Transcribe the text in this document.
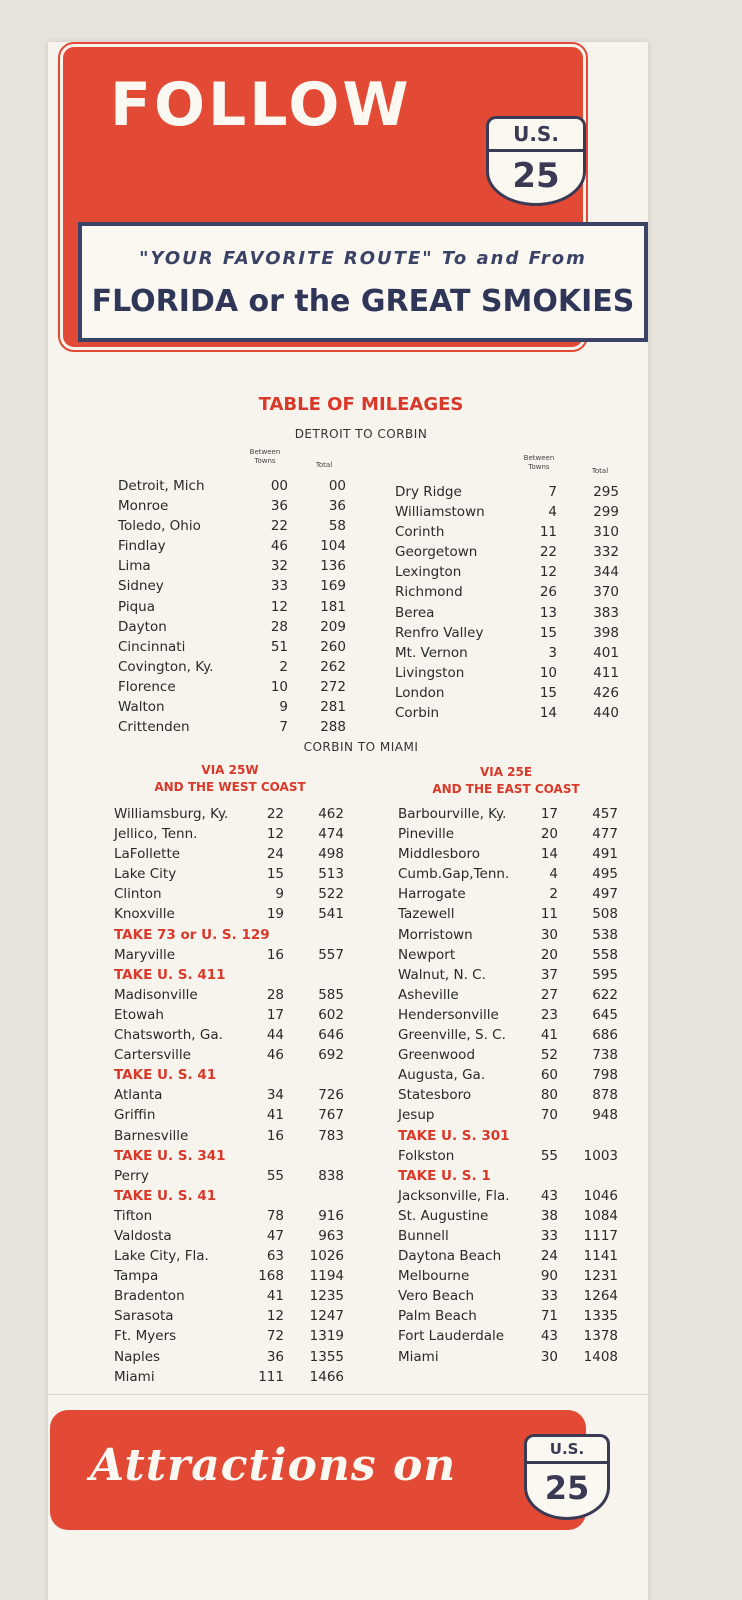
FOLLOW	U.S.
25
"YOUR FAVORITE ROUTE" To and From
FLORIDA or the GREAT SMOKIES
TABLE OF MILEAGES
DETROIT TO CORBIN
Between Towns	Total
Between Towns	Total
Detroit, Mich	00	00
Monroe	36	36
Toledo, Ohio	22	58
Findlay	46	104
Lima	32	136
Sidney	33	169
Piqua	12	181
Dayton	28	209
Cincinnati	51	260
Covington, Ky.	2	262
Florence	10	272
Walton	9	281
Crittenden	7	288
Dry Ridge	7	295
Williamstown	4	299
Corinth	11	310
Georgetown	22	332
Lexington	12	344
Richmond	26	370
Berea	13	383
Renfro Valley	15	398
Mt. Vernon	3	401
Livingston	10	411
London	15	426
Corbin	14	440
CORBIN TO MIAMI
VIA 25W
AND THE WEST COAST
VIA 25E
AND THE EAST COAST
Williamsburg, Ky.	22	462
Jellico, Tenn.	12	474
LaFollette	24	498
Lake City	15	513
Clinton	9	522
Knoxville	19	541
TAKE 73 or U. S. 129
Maryville	16	557
TAKE U. S. 411
Madisonville	28	585
Etowah	17	602
Chatsworth, Ga.	44	646
Cartersville	46	692
TAKE U. S. 41
Atlanta	34	726
Griffin	41	767
Barnesville	16	783
TAKE U. S. 341
Perry	55	838
TAKE U. S. 41
Tifton	78	916
Valdosta	47	963
Lake City, Fla.	63	1026
Tampa	168	1194
Bradenton	41	1235
Sarasota	12	1247
Ft. Myers	72	1319
Naples	36	1355
Miami	111	1466
Barbourville, Ky.	17	457
Pineville	20	477
Middlesboro	14	491
Cumb.Gap,Tenn.	4	495
Harrogate	2	497
Tazewell	11	508
Morristown	30	538
Newport	20	558
Walnut, N. C.	37	595
Asheville	27	622
Hendersonville	23	645
Greenville, S. C.	41	686
Greenwood	52	738
Augusta, Ga.	60	798
Statesboro	80	878
Jesup	70	948
TAKE U. S. 301
Folkston	55	1003
TAKE U. S. 1
Jacksonville, Fla.	43	1046
St. Augustine	38	1084
Bunnell	33	1117
Daytona Beach	24	1141
Melbourne	90	1231
Vero Beach	33	1264
Palm Beach	71	1335
Fort Lauderdale	43	1378
Miami	30	1408
Attractions on	U.S.
25
